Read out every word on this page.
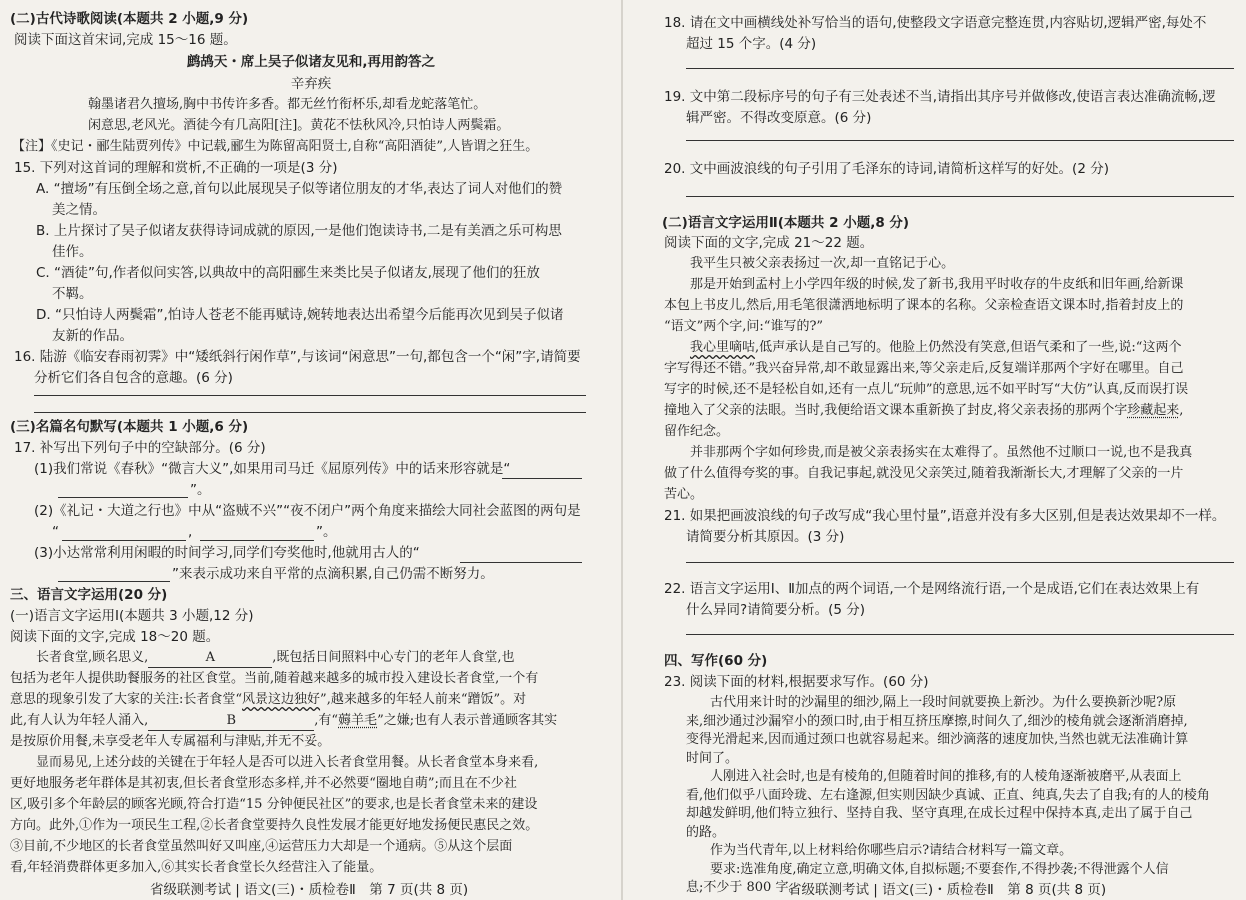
(二)古代诗歌阅读(本题共 2 小题,9 分)
阅读下面这首宋词,完成 15～16 题。
鹧鸪天・席上吴子似诸友见和,再用韵答之
辛弃疾
翰墨诸君久擅场,胸中书传许多香。都无丝竹衔杯乐,却看龙蛇落笔忙。
闲意思,老风光。酒徒今有几高阳[注]。黄花不怯秋风冷,只怕诗人两鬓霜。
【注】《史记・郦生陆贾列传》中记载,郦生为陈留高阳贤士,自称“高阳酒徒”,人皆谓之狂生。
15. 下列对这首词的理解和赏析,不正确的一项是(3 分)
A. “擅场”有压倒全场之意,首句以此展现吴子似等诸位朋友的才华,表达了词人对他们的赞
美之情。
B. 上片探讨了吴子似诸友获得诗词成就的原因,一是他们饱读诗书,二是有美酒之乐可构思
佳作。
C. “酒徒”句,作者似问实答,以典故中的高阳郦生来类比吴子似诸友,展现了他们的狂放
不羁。
D. “只怕诗人两鬓霜”,怕诗人苍老不能再赋诗,婉转地表达出希望今后能再次见到吴子似诸
友新的作品。
16. 陆游《临安春雨初霁》中“矮纸斜行闲作草”,与该词“闲意思”一句,都包含一个“闲”字,请简要
分析它们各自包含的意趣。(6 分)
(三)名篇名句默写(本题共 1 小题,6 分)
17. 补写出下列句子中的空缺部分。(6 分)
(1)我们常说《春秋》“微言大义”,如果用司马迁《屈原列传》中的话来形容就是“
”。
(2)《礼记・大道之行也》中从“盗贼不兴”“夜不闭户”两个角度来描绘大同社会蓝图的两句是
“	,	”。
(3)小达常常利用闲暇的时间学习,同学们夸奖他时,他就用古人的“
”来表示成功来自平常的点滴积累,自己仍需不断努力。
三、语言文字运用(20 分)
(一)语言文字运用Ⅰ(本题共 3 小题,12 分)
阅读下面的文字,完成 18～20 题。
长者食堂,顾名思义,	A	,既包括日间照料中心专门的老年人食堂,也
包括为老年人提供助餐服务的社区食堂。当前,随着越来越多的城市投入建设长者食堂,一个有
意思的现象引发了大家的关注:长者食堂“风景这边独好”,越来越多的年轻人前来“蹭饭”。对
此,有人认为年轻人涌入,	B	,有“薅羊毛”之嫌;也有人表示普通顾客其实
是按原价用餐,未享受老年人专属福利与津贴,并无不妥。
显而易见,上述分歧的关键在于年轻人是否可以进入长者食堂用餐。从长者食堂本身来看,
更好地服务老年群体是其初衷,但长者食堂形态多样,并不必然要“圈地自萌”;而且在不少社
区,吸引多个年龄层的顾客光顾,符合打造“15 分钟便民社区”的要求,也是长者食堂未来的建设
方向。此外,①作为一项民生工程,②长者食堂要持久良性发展才能更好地发扬便民惠民之效。
③目前,不少地区的长者食堂虽然叫好又叫座,④运营压力大却是一个通病。⑤从这个层面
看,年轻消费群体更多加入,⑥其实长者食堂长久经营注入了能量。
省级联测考试 | 语文(三)・质检卷Ⅱ　第 7 页(共 8 页)
18. 请在文中画横线处补写恰当的语句,使整段文字语意完整连贯,内容贴切,逻辑严密,每处不
超过 15 个字。(4 分)
19. 文中第二段标序号的句子有三处表述不当,请指出其序号并做修改,使语言表达准确流畅,逻
辑严密。不得改变原意。(6 分)
20. 文中画波浪线的句子引用了毛泽东的诗词,请简析这样写的好处。(2 分)
(二)语言文字运用Ⅱ(本题共 2 小题,8 分)
阅读下面的文字,完成 21～22 题。
我平生只被父亲表扬过一次,却一直铭记于心。
那是开始到孟村上小学四年级的时候,发了新书,我用平时收存的牛皮纸和旧年画,给新课
本包上书皮儿,然后,用毛笔很潇洒地标明了课本的名称。父亲检查语文课本时,指着封皮上的
“语文”两个字,问:“谁写的?”
我心里嘀咕,低声承认是自己写的。他脸上仍然没有笑意,但语气柔和了一些,说:“这两个
字写得还不错。”我兴奋异常,却不敢显露出来,等父亲走后,反复端详那两个字好在哪里。自己
写字的时候,还不是轻松自如,还有一点儿“玩帅”的意思,远不如平时写“大仿”认真,反而误打误
撞地入了父亲的法眼。当时,我便给语文课本重新换了封皮,将父亲表扬的那两个字珍藏起来,
留作纪念。
并非那两个字如何珍贵,而是被父亲表扬实在太难得了。虽然他不过顺口一说,也不是我真
做了什么值得夸奖的事。自我记事起,就没见父亲笑过,随着我渐渐长大,才理解了父亲的一片
苦心。
21. 如果把画波浪线的句子改写成“我心里忖量”,语意并没有多大区别,但是表达效果却不一样。
请简要分析其原因。(3 分)
22. 语言文字运用Ⅰ、Ⅱ加点的两个词语,一个是网络流行语,一个是成语,它们在表达效果上有
什么异同?请简要分析。(5 分)
四、写作(60 分)
23. 阅读下面的材料,根据要求写作。(60 分)
古代用来计时的沙漏里的细沙,隔上一段时间就要换上新沙。为什么要换新沙呢?原
来,细沙通过沙漏窄小的颈口时,由于相互挤压摩擦,时间久了,细沙的棱角就会逐渐消磨掉,
变得光滑起来,因而通过颈口也就容易起来。细沙滴落的速度加快,当然也就无法准确计算
时间了。
人刚进入社会时,也是有棱角的,但随着时间的推移,有的人棱角逐渐被磨平,从表面上
看,他们似乎八面玲珑、左右逢源,但实则因缺少真诚、正直、纯真,失去了自我;有的人的棱角
却越发鲜明,他们特立独行、坚持自我、坚守真理,在成长过程中保持本真,走出了属于自己
的路。
省级联测考试 | 语文(三)・质检卷Ⅱ　第 8 页(共 8 页)
作为当代青年,以上材料给你哪些启示?请结合材料写一篇文章。
要求:选准角度,确定立意,明确文体,自拟标题;不要套作,不得抄袭;不得泄露个人信
息;不少于 800 字。
